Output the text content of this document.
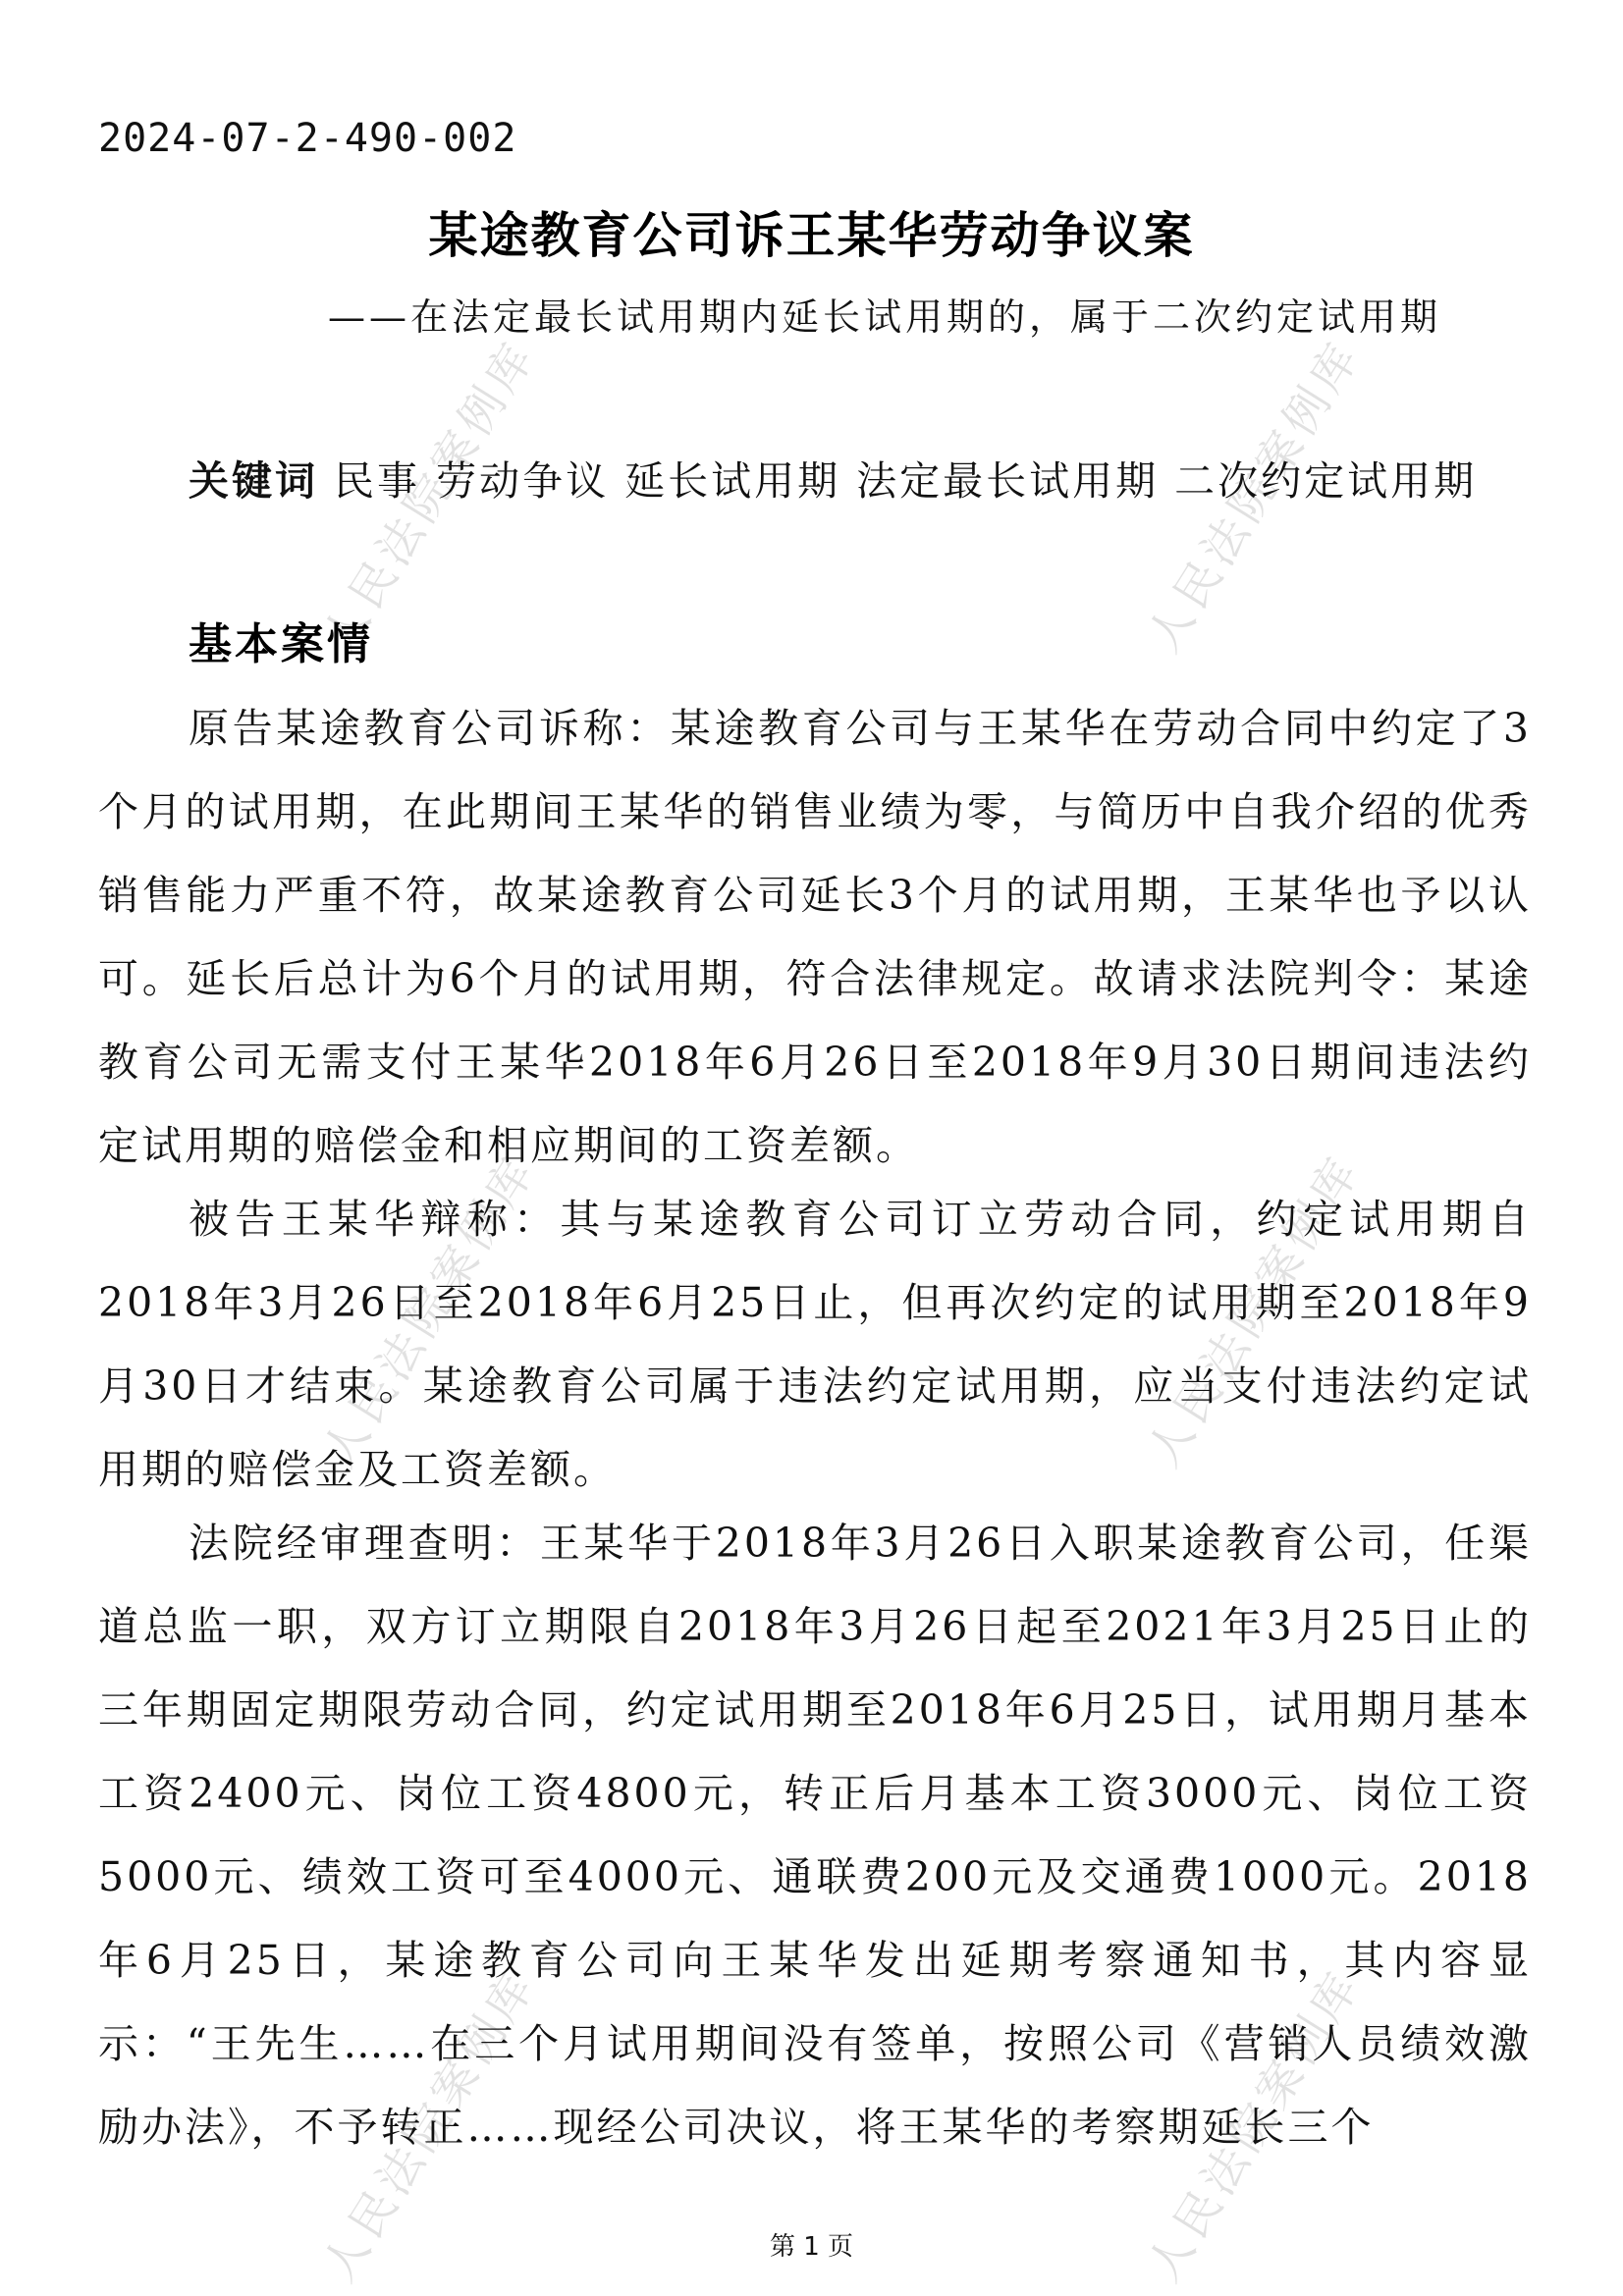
人民法院案例库	人民法院案例库
人民法院案例库	人民法院案例库
人民法院案例库	人民法院案例库
2024-07-2-490-002
某途教育公司诉王某华劳动争议案
——在法定最长试用期内延长试用期的，属于二次约定试用期
关键词 民事 劳动争议 延长试用期 法定最长试用期 二次约定试用期
基本案情

原告某途教育公司诉称：某途教育公司与王某华在劳动合同中约定了3个月的试用期，在此期间王某华的销售业绩为零，与简历中自我介绍的优秀销售能力严重不符，故某途教育公司延长3个月的试用期，王某华也予以认可。延长后总计为6个月的试用期，符合法律规定。故请求法院判令：某途教育公司无需支付王某华2018年6月26日至2018年9月30日期间违法约定试用期的赔偿金和相应期间的工资差额。

被告王某华辩称：其与某途教育公司订立劳动合同，约定试用期自2018年3月26日至2018年6月25日止，但再次约定的试用期至2018年9月30日才结束。某途教育公司属于违法约定试用期，应当支付违法约定试用期的赔偿金及工资差额。

法院经审理查明：王某华于2018年3月26日入职某途教育公司，任渠道总监一职，双方订立期限自2018年3月26日起至2021年3月25日止的三年期固定期限劳动合同，约定试用期至2018年6月25日，试用期月基本工资2400元、岗位工资4800元，转正后月基本工资3000元、岗位工资5000元、绩效工资可至4000元、通联费200元及交通费1000元。2018年6月25日，某途教育公司向王某华发出延期考察通知书，其内容显示：“王先生……在三个月试用期间没有签单，按照公司《营销人员绩效激励办法》，不予转正……现经公司决议，将王某华的考察期延长三个

第 1 页
